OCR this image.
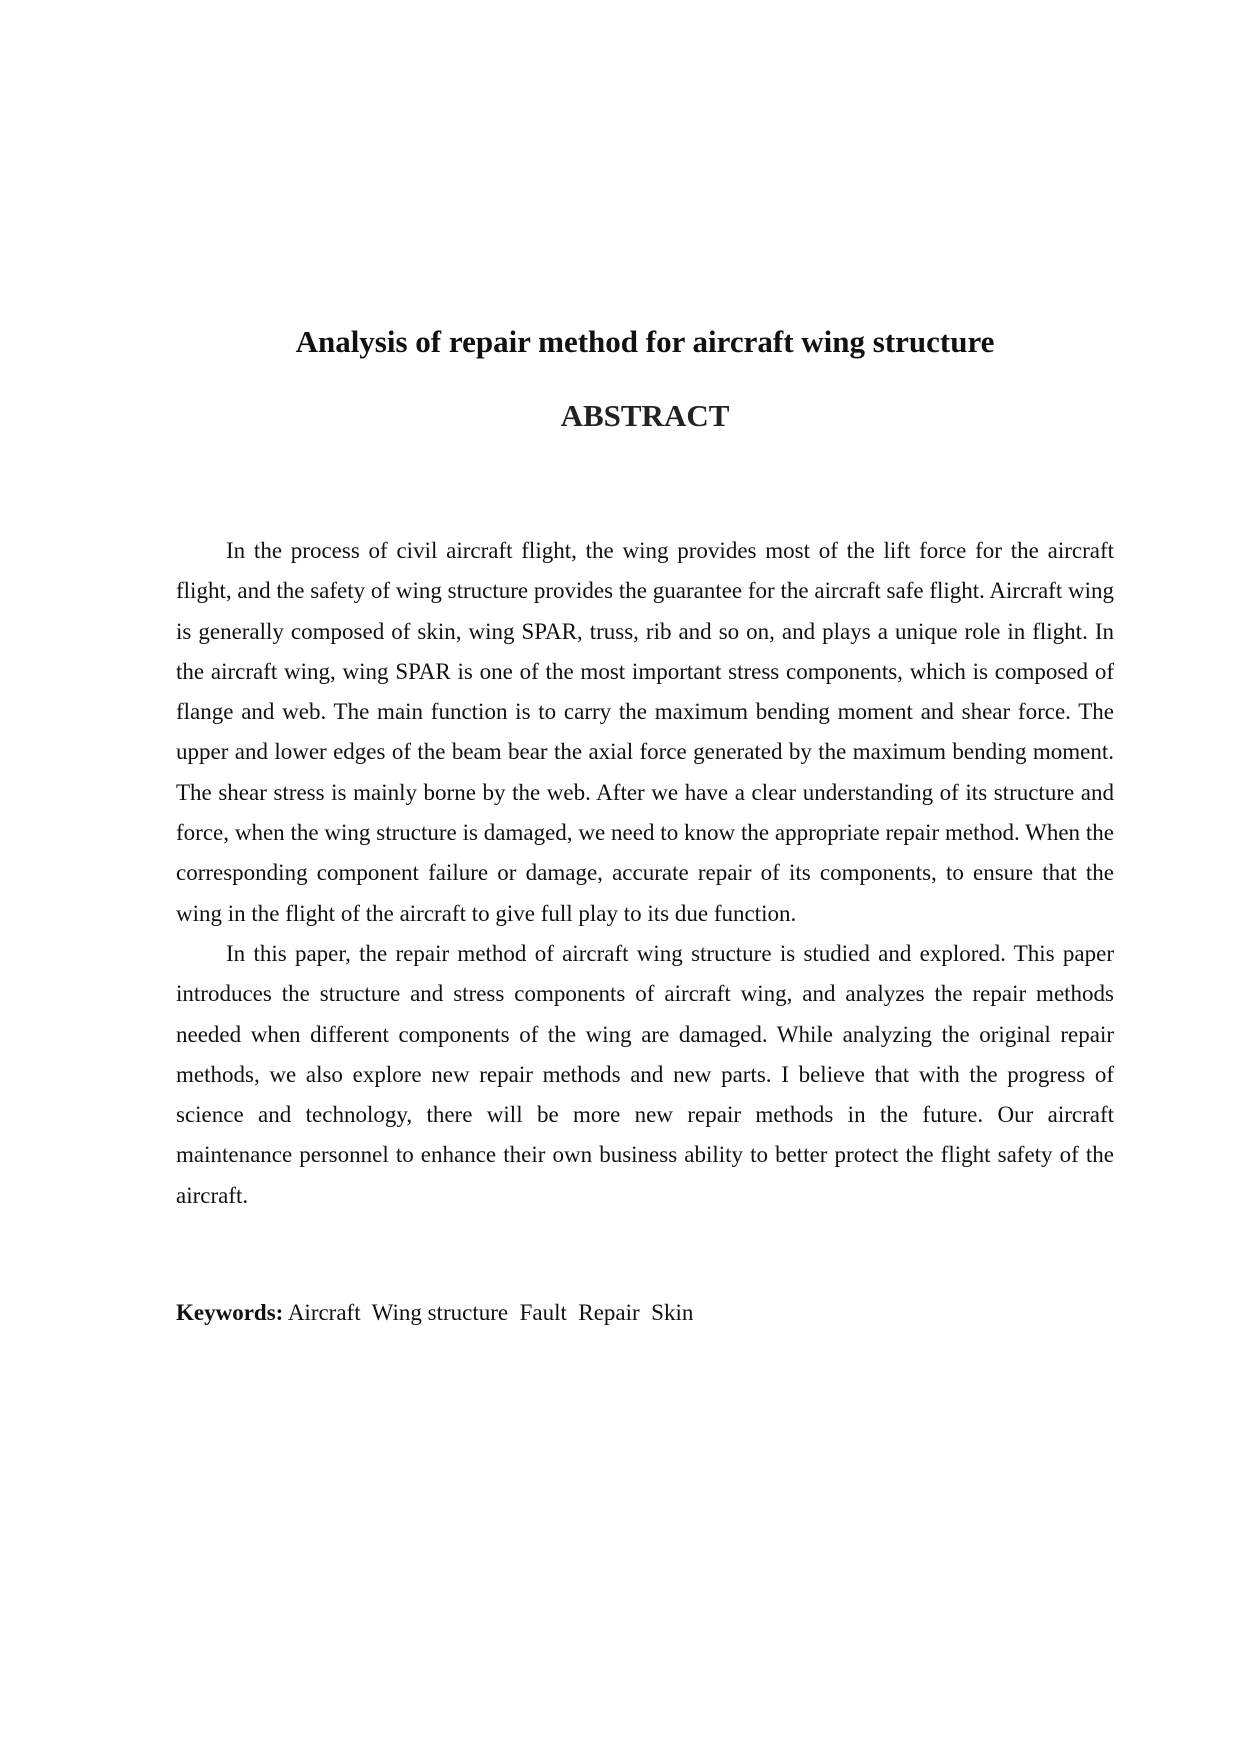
Analysis of repair method for aircraft wing structure
ABSTRACT

In the process of civil aircraft flight, the wing provides most of the lift force for the aircraft flight, and the safety of wing structure provides the guarantee for the aircraft safe flight. Aircraft wing is generally composed of skin, wing SPAR, truss, rib and so on, and plays a unique role in flight. In the aircraft wing, wing SPAR is one of the most important stress components, which is composed of flange and web. The main function is to carry the maximum bending moment and shear force. The upper and lower edges of the beam bear the axial force generated by the maximum bending moment. The shear stress is mainly borne by the web. After we have a clear understanding of its structure and force, when the wing structure is damaged, we need to know the appropriate repair method. When the corresponding component failure or damage, accurate repair of its components, to ensure that the wing in the flight of the aircraft to give full play to its due function.

In this paper, the repair method of aircraft wing structure is studied and explored. This paper introduces the structure and stress components of aircraft wing, and analyzes the repair methods needed when different components of the wing are damaged. While analyzing the original repair methods, we also explore new repair methods and new parts. I believe that with the progress of science and technology, there will be more new repair methods in the future. Our aircraft maintenance personnel to enhance their own business ability to better protect the flight safety of the aircraft.

Keywords: Aircraft  Wing structure  Fault  Repair  Skin
